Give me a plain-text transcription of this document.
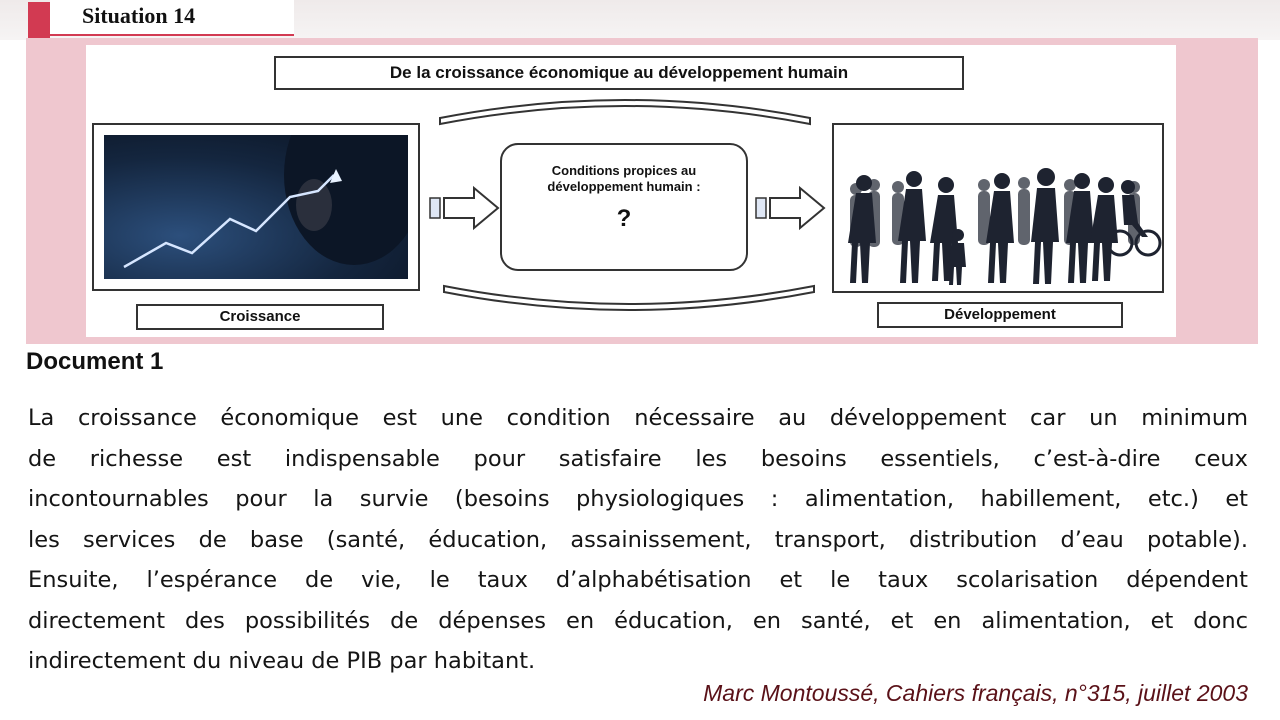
Situation 14
De la croissance économique au développement humain
Conditions propices au développement humain :
?
Croissance	Développement
Document 1
La croissance économique est une condition nécessaire au développement car un minimum
de richesse est indispensable pour satisfaire les besoins essentiels, c’est-à-dire ceux
incontournables pour la survie (besoins physiologiques : alimentation, habillement, etc.) et
les services de base (santé, éducation, assainissement, transport, distribution d’eau potable).
Ensuite, l’espérance de vie, le taux d’alphabétisation et le taux scolarisation dépendent
directement des possibilités de dépenses en éducation, en santé, et en alimentation, et donc
indirectement du niveau de PIB par habitant.
Marc Montoussé, Cahiers français, n°315, juillet 2003
